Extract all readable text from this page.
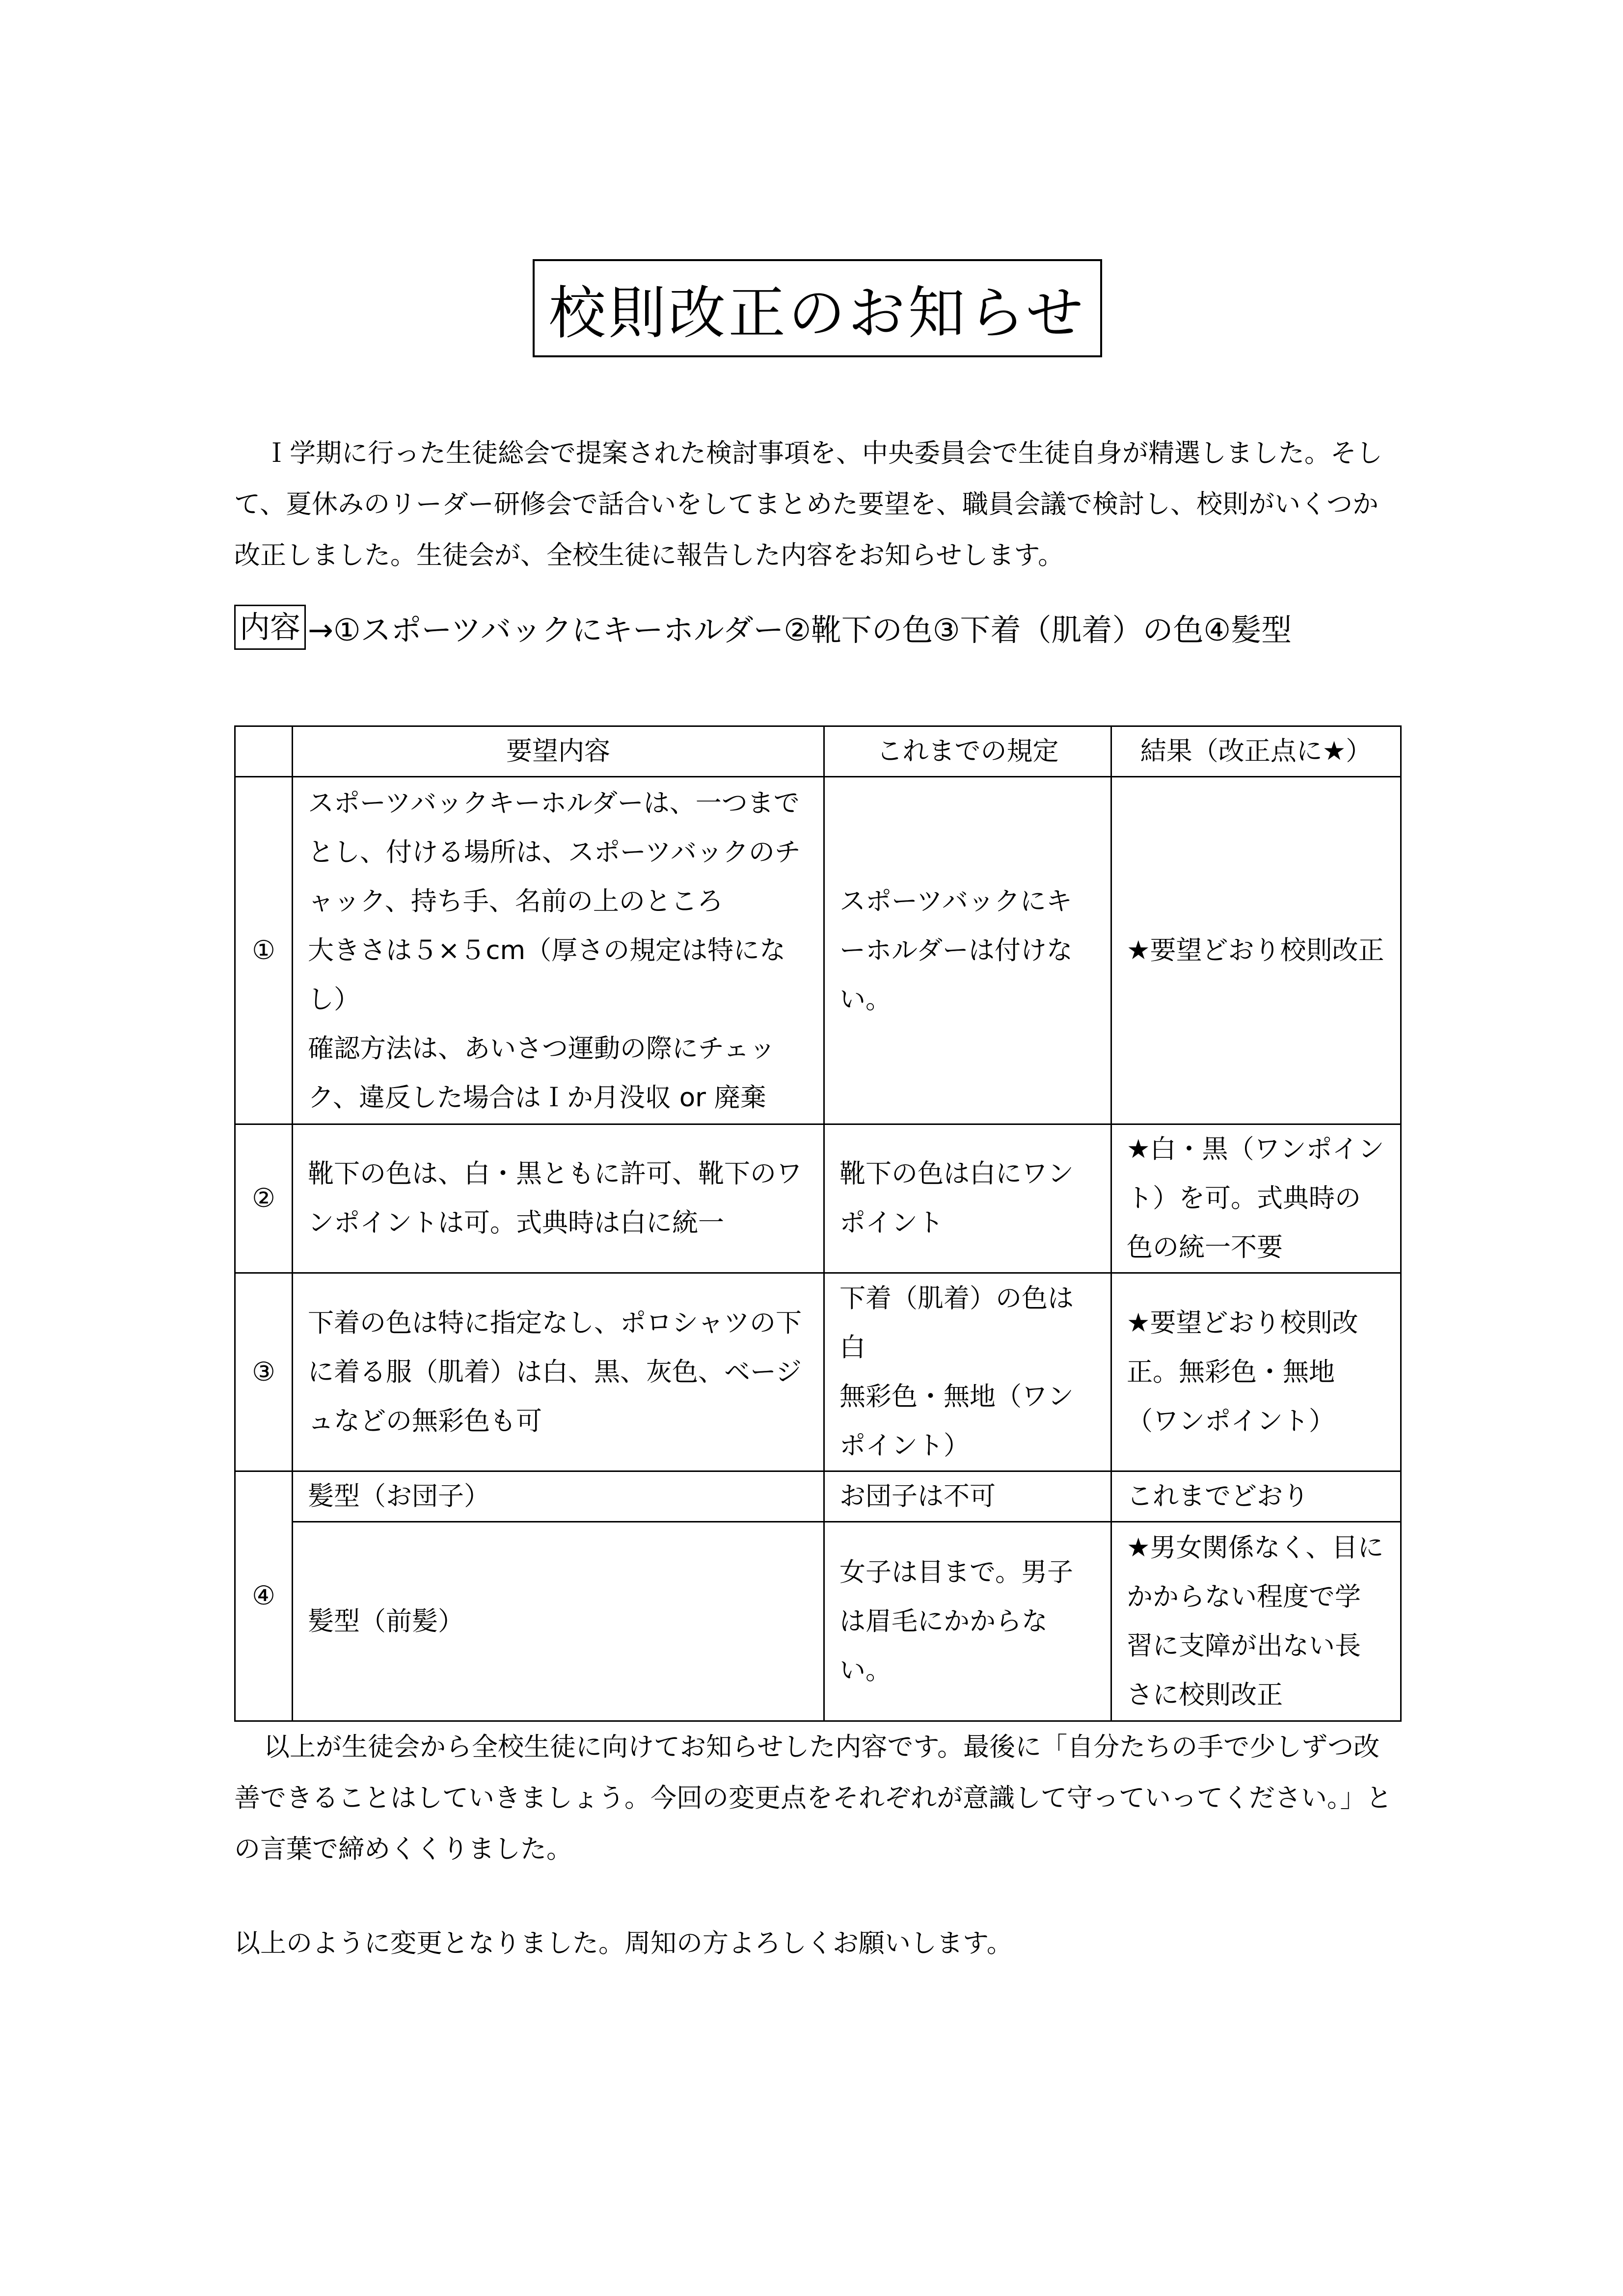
校則改正のお知らせ

Ｉ学期に行った生徒総会で提案された検討事項を、中央委員会で生徒自身が精選しました。そして、夏休みのリーダー研修会で話合いをしてまとめた要望を、職員会議で検討し、校則がいくつか改正しました。生徒会が、全校生徒に報告した内容をお知らせします。

内容 →①スポーツバックにキーホルダー②靴下の色③下着（肌着）の色④髪型
	要望内容	これまでの規定	結果（改正点に★）
①	スポーツバックキーホルダーは、一つまでとし、付ける場所は、スポーツバックのチャック、持ち手、名前の上のところ
大きさは５×５cm（厚さの規定は特になし）
確認方法は、あいさつ運動の際にチェック、違反した場合はＩか月没収 or 廃棄	スポーツバックにキーホルダーは付けない。	★要望どおり校則改正
②	靴下の色は、白・黒ともに許可、靴下のワンポイントは可。式典時は白に統一	靴下の色は白にワンポイント	★白・黒（ワンポイント）を可。式典時の色の統一不要
③	下着の色は特に指定なし、ポロシャツの下に着る服（肌着）は白、黒、灰色、ベージュなどの無彩色も可	下着（肌着）の色は白
無彩色・無地（ワンポイント）	★要望どおり校則改正。無彩色・無地（ワンポイント）
④	髪型（お団子）	お団子は不可	これまでどおり
	髪型（前髪）	女子は目まで。男子は眉毛にかからない。	★男女関係なく、目にかからない程度で学習に支障が出ない長さに校則改正

以上が生徒会から全校生徒に向けてお知らせした内容です。最後に「自分たちの手で少しずつ改善できることはしていきましょう。今回の変更点をそれぞれが意識して守っていってください。」との言葉で締めくくりました。

以上のように変更となりました。周知の方よろしくお願いします。
